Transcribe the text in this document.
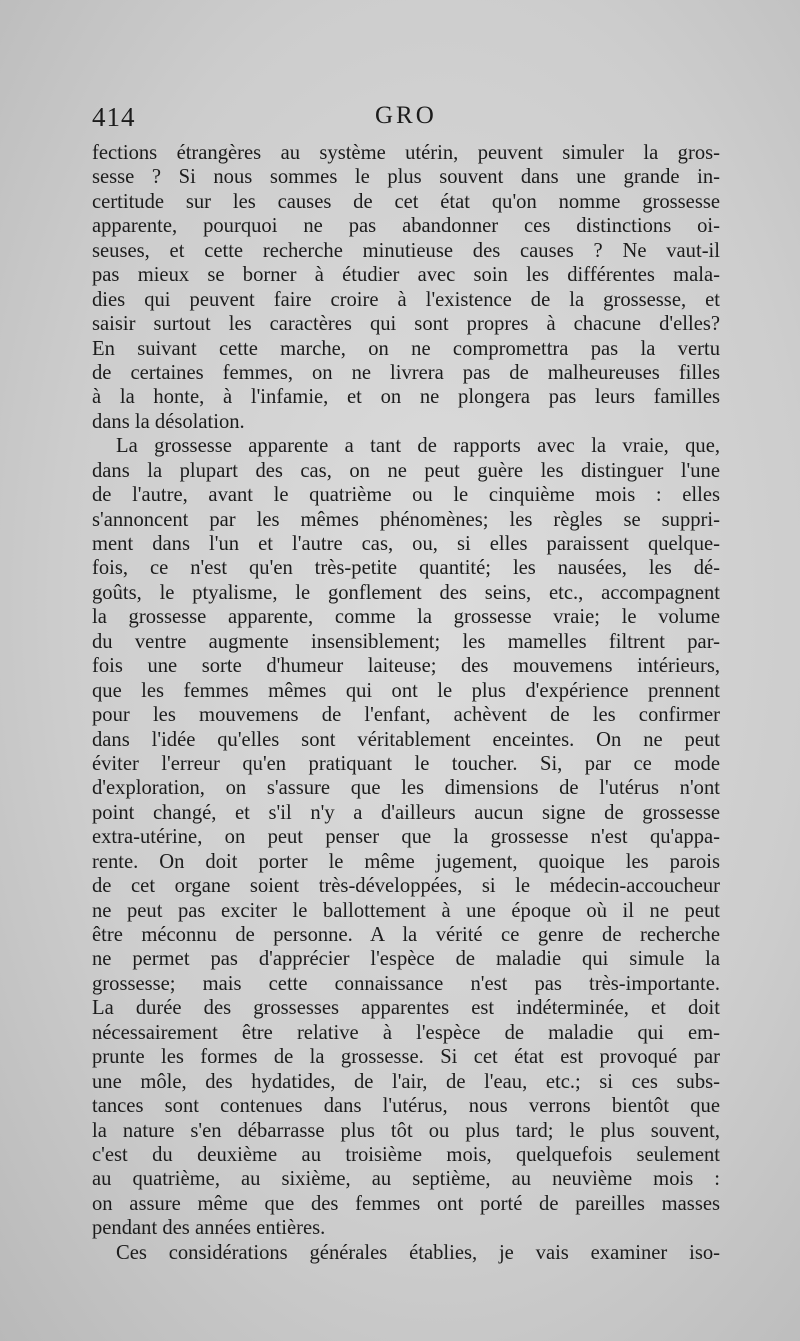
414	GRO
fections étrangères au système utérin, peuvent simuler la gros-
sesse ? Si nous sommes le plus souvent dans une grande in-
certitude sur les causes de cet état qu'on nomme grossesse
apparente, pourquoi ne pas abandonner ces distinctions oi-
seuses, et cette recherche minutieuse des causes ? Ne vaut-il
pas mieux se borner à étudier avec soin les différentes mala-
dies qui peuvent faire croire à l'existence de la grossesse, et
saisir surtout les caractères qui sont propres à chacune d'elles?
En suivant cette marche, on ne compromettra pas la vertu
de certaines femmes, on ne livrera pas de malheureuses filles
à la honte, à l'infamie, et on ne plongera pas leurs familles
dans la désolation.
La grossesse apparente a tant de rapports avec la vraie, que,
dans la plupart des cas, on ne peut guère les distinguer l'une
de l'autre, avant le quatrième ou le cinquième mois : elles
s'annoncent par les mêmes phénomènes; les règles se suppri-
ment dans l'un et l'autre cas, ou, si elles paraissent quelque-
fois, ce n'est qu'en très-petite quantité; les nausées, les dé-
goûts, le ptyalisme, le gonflement des seins, etc., accompagnent
la grossesse apparente, comme la grossesse vraie; le volume
du ventre augmente insensiblement; les mamelles filtrent par-
fois une sorte d'humeur laiteuse; des mouvemens intérieurs,
que les femmes mêmes qui ont le plus d'expérience prennent
pour les mouvemens de l'enfant, achèvent de les confirmer
dans l'idée qu'elles sont véritablement enceintes. On ne peut
éviter l'erreur qu'en pratiquant le toucher. Si, par ce mode
d'exploration, on s'assure que les dimensions de l'utérus n'ont
point changé, et s'il n'y a d'ailleurs aucun signe de grossesse
extra-utérine, on peut penser que la grossesse n'est qu'appa-
rente. On doit porter le même jugement, quoique les parois
de cet organe soient très-développées, si le médecin-accoucheur
ne peut pas exciter le ballottement à une époque où il ne peut
être méconnu de personne. A la vérité ce genre de recherche
ne permet pas d'apprécier l'espèce de maladie qui simule la
grossesse; mais cette connaissance n'est pas très-importante.
La durée des grossesses apparentes est indéterminée, et doit
nécessairement être relative à l'espèce de maladie qui em-
prunte les formes de la grossesse. Si cet état est provoqué par
une môle, des hydatides, de l'air, de l'eau, etc.; si ces subs-
tances sont contenues dans l'utérus, nous verrons bientôt que
la nature s'en débarrasse plus tôt ou plus tard; le plus souvent,
c'est du deuxième au troisième mois, quelquefois seulement
au quatrième, au sixième, au septième, au neuvième mois :
on assure même que des femmes ont porté de pareilles masses
pendant des années entières.
Ces considérations générales établies, je vais examiner iso-
